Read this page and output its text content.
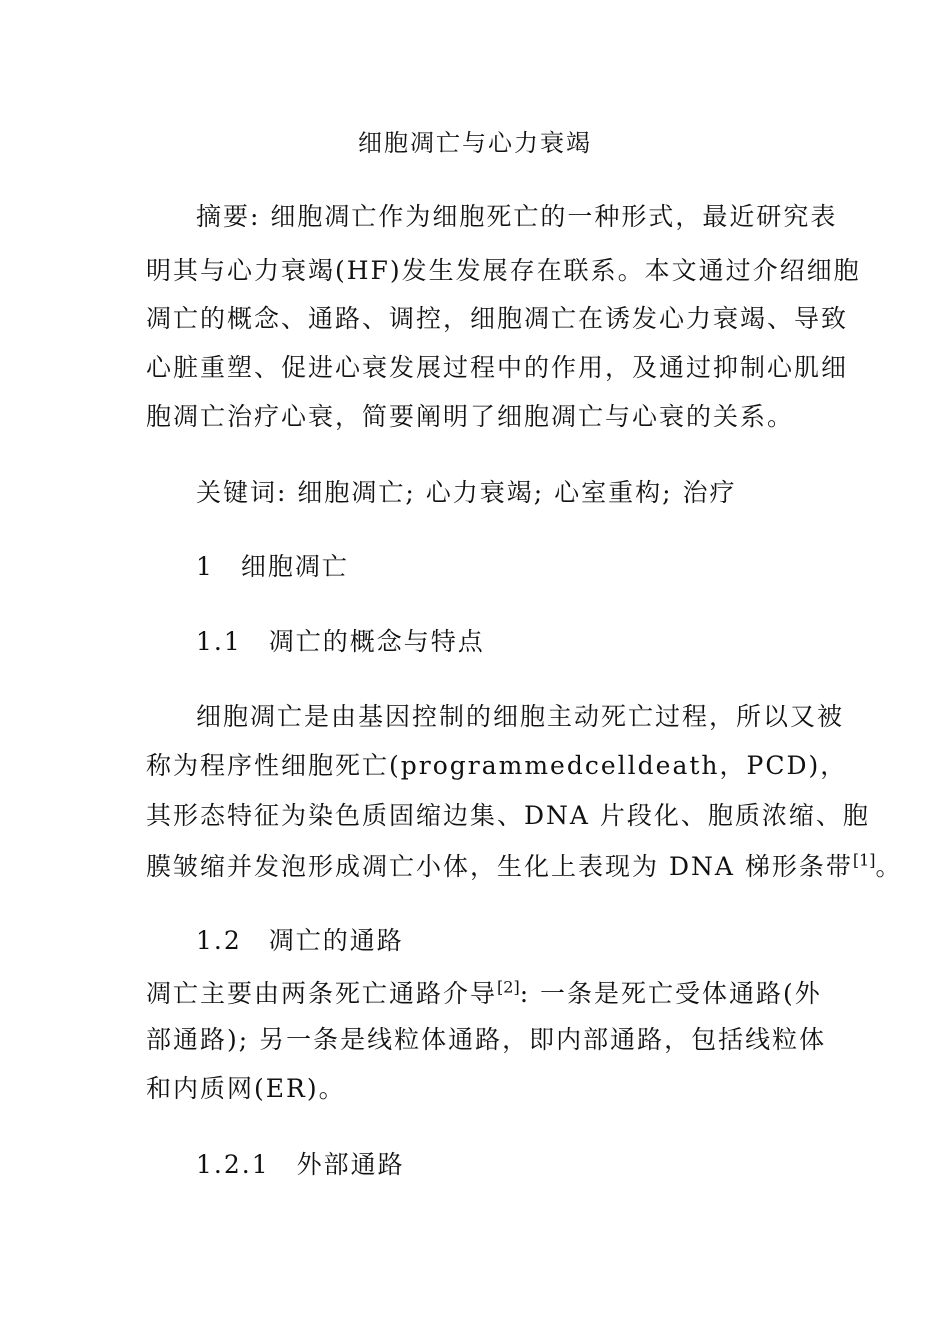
细胞凋亡与心力衰竭
摘要: 细胞凋亡作为细胞死亡的一种形式，最近研究表
明其与心力衰竭(HF)发生发展存在联系。本文通过介绍细胞
凋亡的概念、通路、调控，细胞凋亡在诱发心力衰竭、导致
心脏重塑、促进心衰发展过程中的作用，及通过抑制心肌细
胞凋亡治疗心衰，简要阐明了细胞凋亡与心衰的关系。
关键词: 细胞凋亡; 心力衰竭; 心室重构; 治疗
1　细胞凋亡
1.1　凋亡的概念与特点
细胞凋亡是由基因控制的细胞主动死亡过程，所以又被
称为程序性细胞死亡 (programmed cell death，PCD)，
其形态特征为染色质固缩边集、DNA 片段化、胞质浓缩、胞
膜皱缩并发泡形成凋亡小体，生化上表现为 DNA 梯形条带[1]。
1.2　凋亡的通路
凋亡主要由两条死亡通路介导[2]: 一条是死亡受体通路(外
部通路); 另一条是线粒体通路，即内部通路，包括线粒体
和内质网(ER)。
1.2.1　外部通路
